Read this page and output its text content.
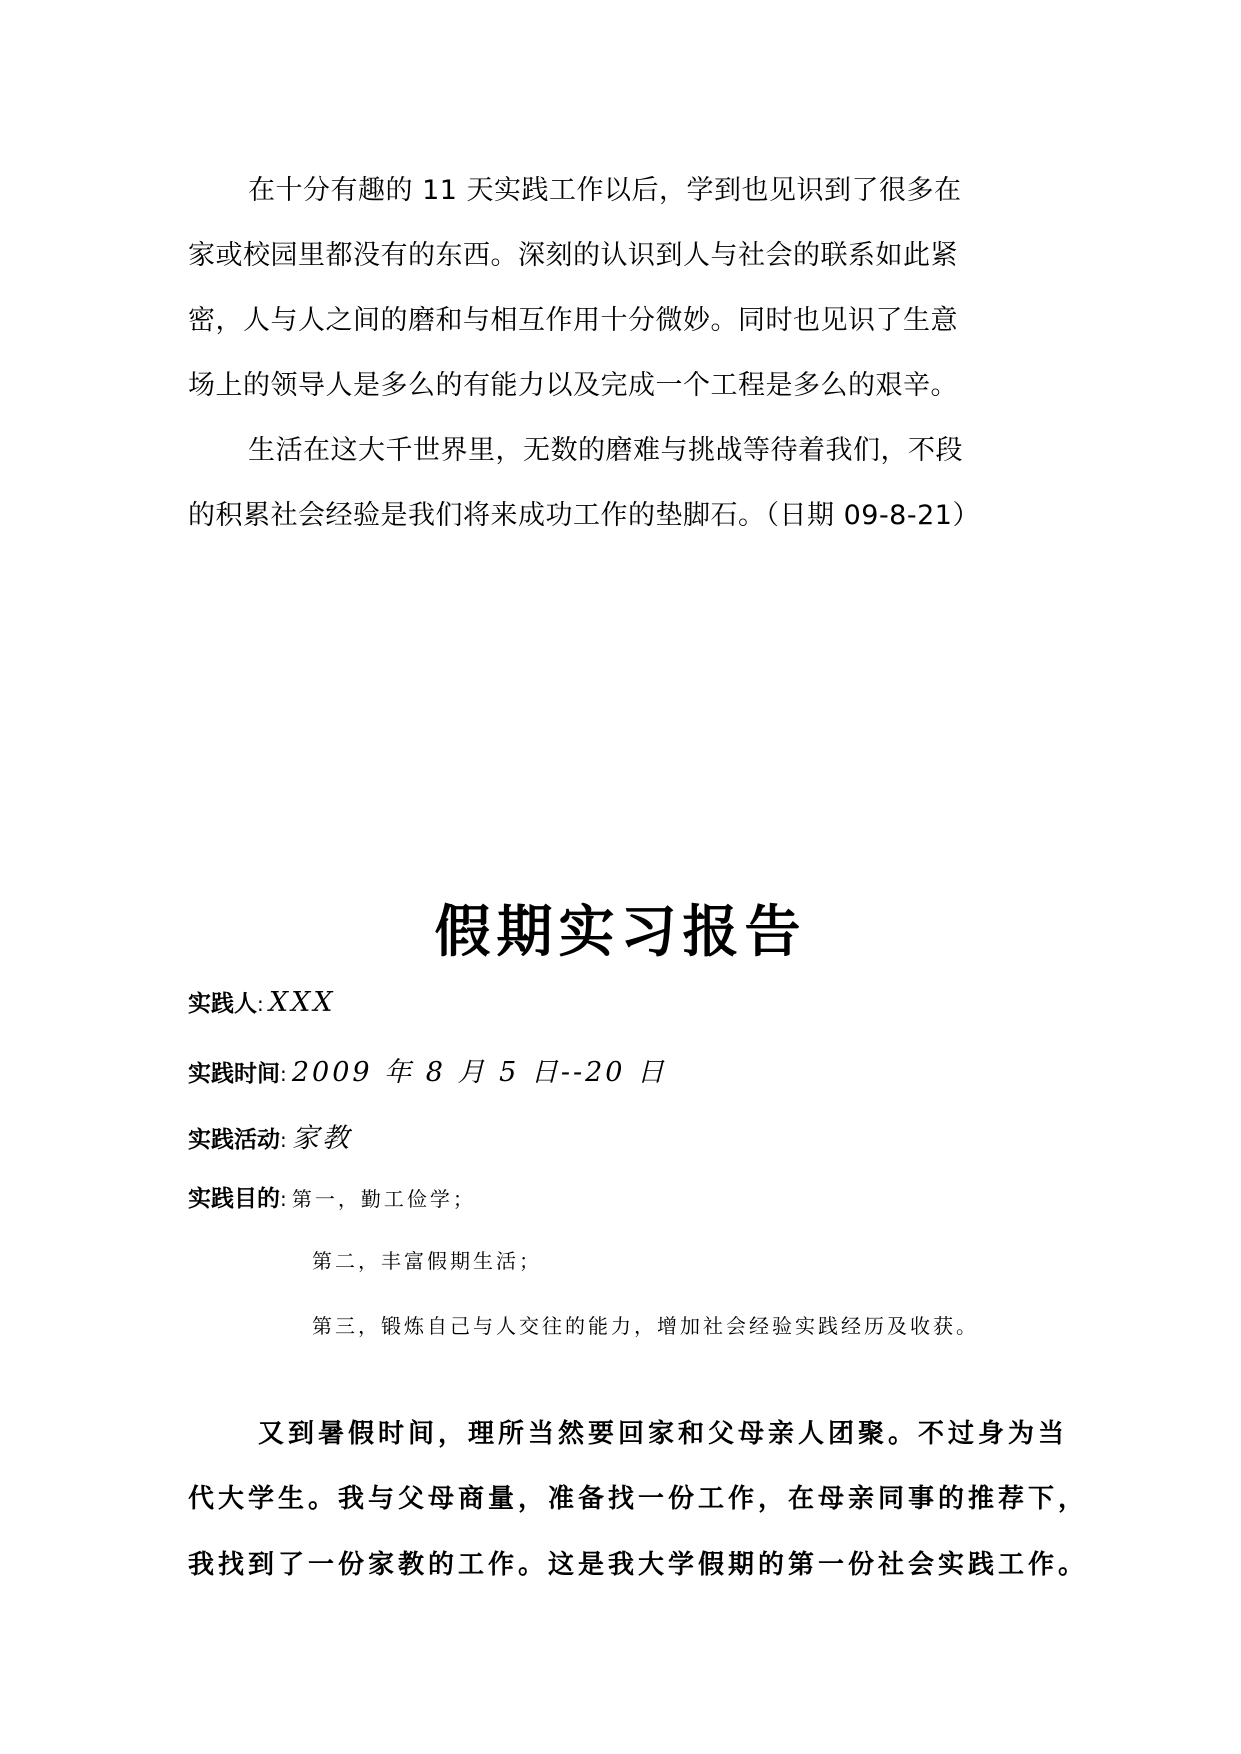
在十分有趣的 11 天实践工作以后，学到也见识到了很多在
家或校园里都没有的东西。深刻的认识到人与社会的联系如此紧
密，人与人之间的磨和与相互作用十分微妙。同时也见识了生意
场上的领导人是多么的有能力以及完成一个工程是多么的艰辛。
生活在这大千世界里，无数的磨难与挑战等待着我们，不段
的积累社会经验是我们将来成功工作的垫脚石。（日期 09-8-21）
假期实习报告
实践人: XXX
实践时间: 2009 年 8 月 5 日--20 日
实践活动: 家教
实践目的: 第一，勤工俭学；
第二，丰富假期生活；
第三，锻炼自己与人交往的能力，增加社会经验实践经历及收获。
又到暑假时间，理所当然要回家和父母亲人团聚。不过身为当
代大学生。我与父母商量，准备找一份工作，在母亲同事的推荐下，
我找到了一份家教的工作。这是我大学假期的第一份社会实践工作。
